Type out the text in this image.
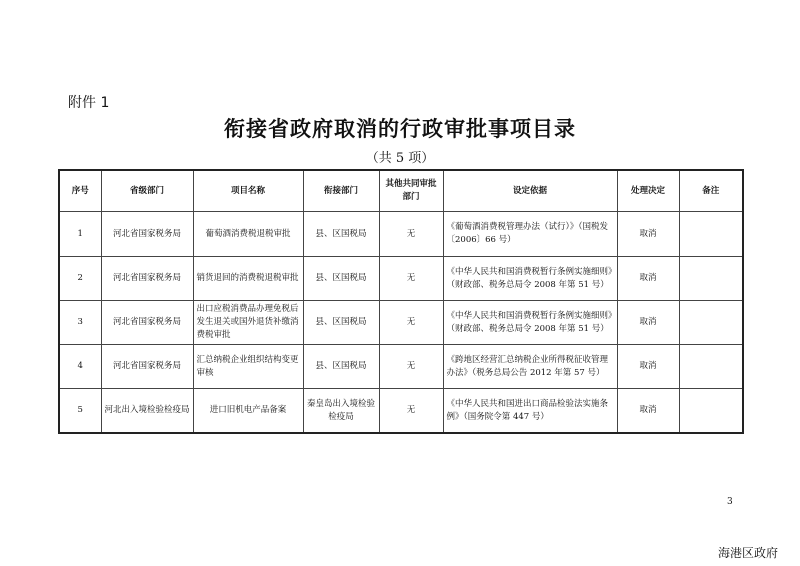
附件 1
衔接省政府取消的行政审批事项目录
（共 5 项）
序号	省级部门	项目名称	衔接部门	其他共同审批部门	设定依据	处理决定	备注
1	河北省国家税务局	葡萄酒消费税退税审批	县、区国税局	无	《葡萄酒消费税管理办法（试行）》（国税发〔2006〕66 号）	取消	
2	河北省国家税务局	销货退回的消费税退税审批	县、区国税局	无	《中华人民共和国消费税暂行条例实施细则》（财政部、税务总局令 2008 年第 51 号）	取消	
3	河北省国家税务局	出口应税消费品办理免税后发生退关或国外退货补缴消费税审批	县、区国税局	无	《中华人民共和国消费税暂行条例实施细则》（财政部、税务总局令 2008 年第 51 号）	取消	
4	河北省国家税务局	汇总纳税企业组织结构变更审核	县、区国税局	无	《跨地区经营汇总纳税企业所得税征收管理办法》（税务总局公告 2012 年第 57 号）	取消	
5	河北出入境检验检疫局	进口旧机电产品备案	秦皇岛出入境检验检疫局	无	《中华人民共和国进出口商品检验法实施条例》（国务院令第 447 号）	取消	
3
海港区政府
